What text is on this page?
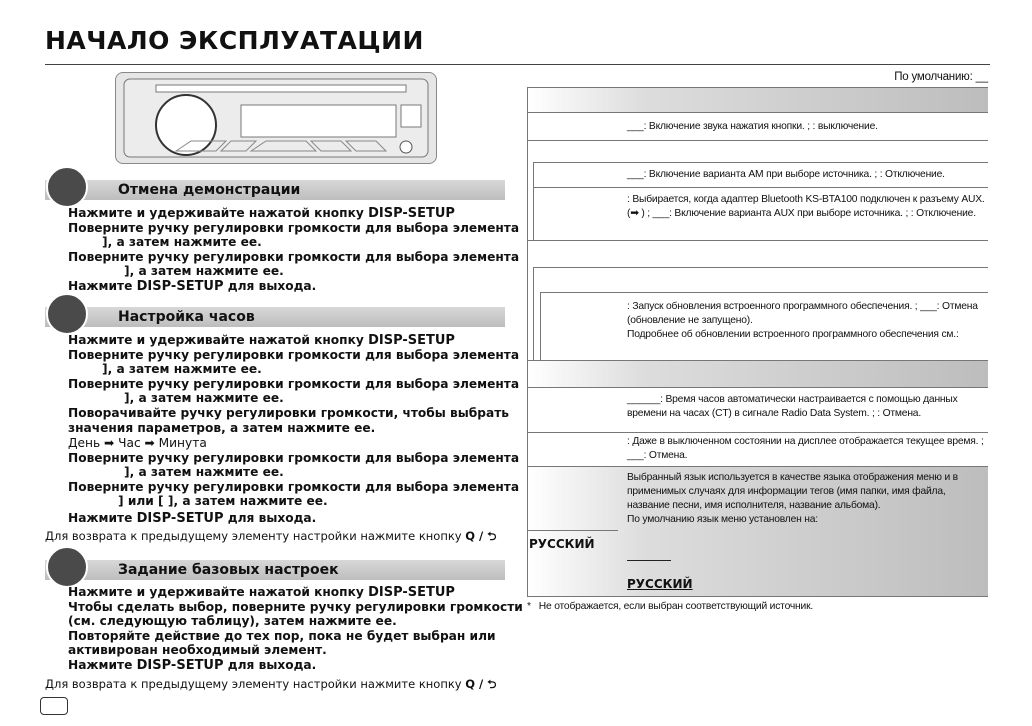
НАЧАЛО ЭКСПЛУАТАЦИИ
Отмена демонстрации
Нажмите и удерживайте нажатой кнопку DISP-SETUP
Поверните ручку регулировки громкости для выбора элемента
], а затем нажмите ее.
Поверните ручку регулировки громкости для выбора элемента
], а затем нажмите ее.
Нажмите DISP-SETUP для выхода.
Настройка часов
Нажмите и удерживайте нажатой кнопку DISP-SETUP
Поверните ручку регулировки громкости для выбора элемента
], а затем нажмите ее.
Поверните ручку регулировки громкости для выбора элемента
], а затем нажмите ее.
Поворачивайте ручку регулировки громкости, чтобы выбрать
значения параметров, а затем нажмите ее.
День ➡ Час ➡ Минута
Поверните ручку регулировки громкости для выбора элемента
], а затем нажмите ее.
Поверните ручку регулировки громкости для выбора элемента
] или [ ], а затем нажмите ее.
Нажмите DISP-SETUP для выхода.
Для возврата к предыдущему элементу настройки нажмите кнопку Q / ⮌
Задание базовых настроек
Нажмите и удерживайте нажатой кнопку DISP-SETUP
Чтобы сделать выбор, поверните ручку регулировки громкости
(см. следующую таблицу), затем нажмите ее.
Повторяйте действие до тех пор, пока не будет выбран или
активирован необходимый элемент.
Нажмите DISP-SETUP для выхода.
Для возврата к предыдущему элементу настройки нажмите кнопку Q / ⮌
По умолчанию: __
___: Включение звука нажатия кнопки. ; : выключение.
___: Включение варианта AM при выборе источника. ; : Отключение.
: Выбирается, когда адаптер Bluetooth KS-BTA100 подключен к разъему AUX. (➡ ) ; ___: Включение варианта AUX при выборе источника. ; : Отключение.
: Запуск обновления встроенного программного обеспечения. ; ___: Отмена (обновление не запущено).
Подробнее об обновлении встроенного программного обеспечения см.:
______: Время часов автоматически настраивается с помощью данных времени на часах (CT) в сигнале Radio Data System. ; : Отмена.
: Даже в выключенном состоянии на дисплее отображается текущее время. ;
___: Отмена.
Выбранный язык используется в качестве языка отображения меню и в применимых случаях для информации тегов (имя папки, имя файла, название песни, имя исполнителя, название альбома).
По умолчанию язык меню установлен на:
РУССКИЙ
РУССКИЙ
*   Не отображается, если выбран соответствующий источник.
